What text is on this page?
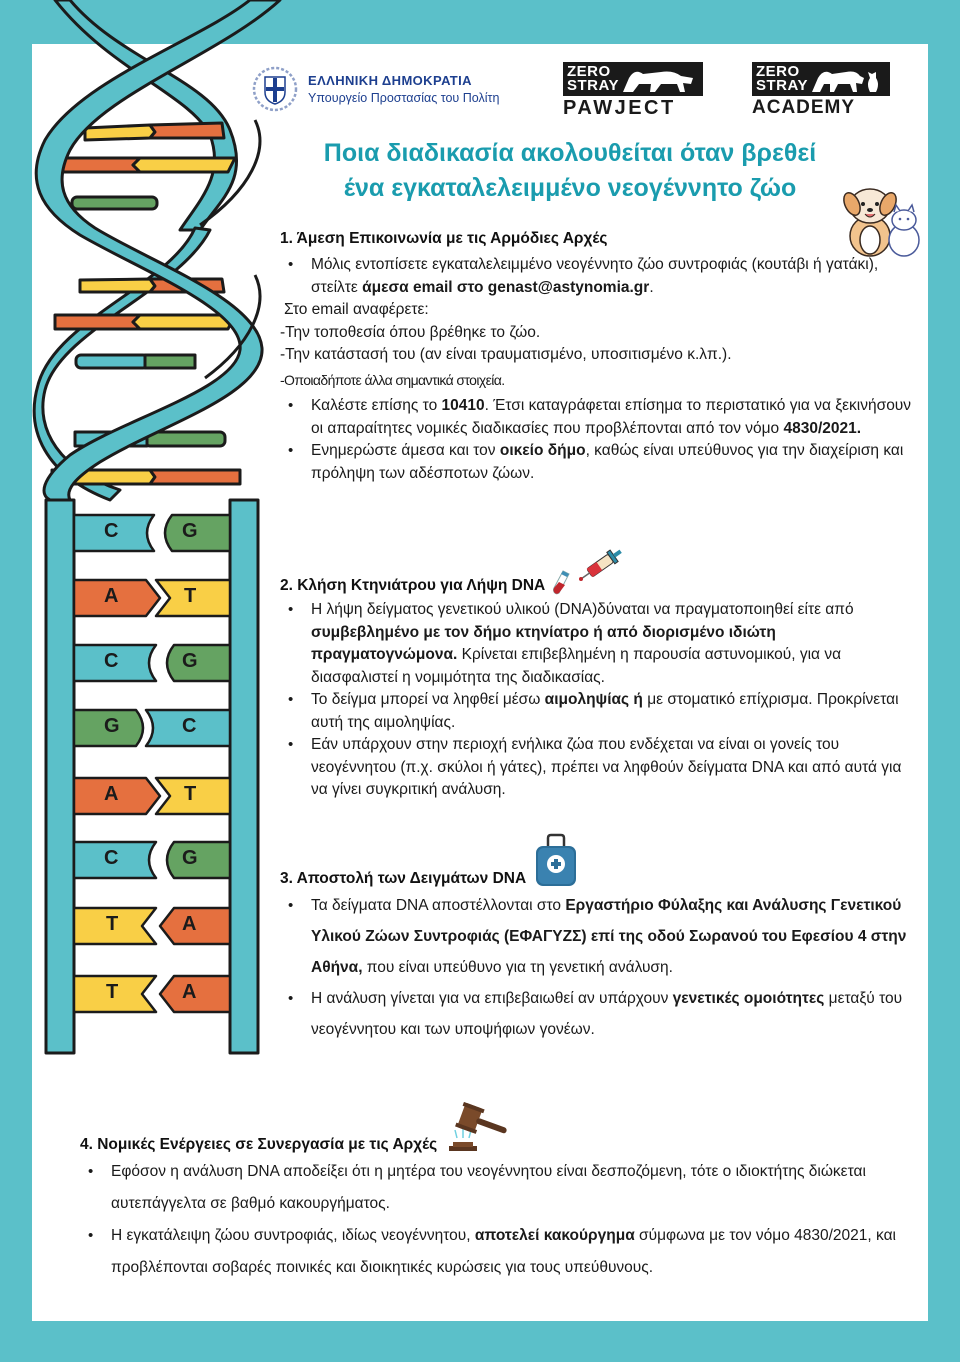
C	G
A	T
C	G
G	C
A	T
C	G
T	A
T	A
ΕΛΛΗΝΙΚΗ ΔΗΜΟΚΡΑΤΙΑ
Υπουργείο Προστασίας του Πολίτη
ZERO
STRAY
PAWJECT
ZERO
STRAY
ACADEMY
Ποια διαδικασία ακολουθείται όταν βρεθεί
ένα εγκαταλελειμμένο νεογέννητο ζώο
1. Άμεση Επικοινωνία με τις Αρμόδιες Αρχές
• Μόλις εντοπίσετε εγκαταλελειμμένο νεογέννητο ζώο συντροφιάς (κουτάβι ή γατάκι), στείλτε άμεσα email στο genast@astynomia.gr.
Στο email αναφέρετε:
-Την τοποθεσία όπου βρέθηκε το ζώο.
-Την κατάστασή του (αν είναι τραυματισμένο, υποσιτισμένο κ.λπ.).
-Οποιαδήποτε άλλα σημαντικά στοιχεία.
• Καλέστε επίσης το 10410. Έτσι καταγράφεται επίσημα το περιστατικό για να ξεκινήσουν οι απαραίτητες νομικές διαδικασίες που προβλέπονται από τον νόμο 4830/2021.
• Ενημερώστε άμεσα και τον οικείο δήμο, καθώς είναι υπεύθυνος για την διαχείριση και πρόληψη των αδέσποτων ζώων.
2. Κλήση Κτηνιάτρου για Λήψη DNA
• Η λήψη δείγματος γενετικού υλικού (DNA)δύναται να πραγματοποιηθεί είτε από συμβεβλημένο με τον δήμο κτηνίατρο ή από διορισμένο ιδιώτη πραγματογνώμονα. Κρίνεται επιβεβλημένη η παρουσία αστυνομικού, για να διασφαλιστεί η νομιμότητα της διαδικασίας.
• Το δείγμα μπορεί να ληφθεί μέσω αιμοληψίας ή με στοματικό επίχρισμα. Προκρίνεται αυτή της αιμοληψίας.
• Εάν υπάρχουν στην περιοχή ενήλικα ζώα που ενδέχεται να είναι οι γονείς του νεογέννητου (π.χ. σκύλοι ή γάτες), πρέπει να ληφθούν δείγματα DNA και από αυτά για να γίνει συγκριτική ανάλυση.
3. Αποστολή των Δειγμάτων DNA
• Τα δείγματα DNA αποστέλλονται στο Εργαστήριο Φύλαξης και Ανάλυσης Γενετικού Υλικού Ζώων Συντροφιάς (ΕΦΑΓΥΖΣ) επί της οδού Σωρανού του Εφεσίου 4 στην Αθήνα, που είναι υπεύθυνο για τη γενετική ανάλυση.
• Η ανάλυση γίνεται για να επιβεβαιωθεί αν υπάρχουν γενετικές ομοιότητες μεταξύ του νεογέννητου και των υποψήφιων γονέων.
4. Νομικές Ενέργειες σε Συνεργασία με τις Αρχές
• Εφόσον η ανάλυση DNA αποδείξει ότι η μητέρα του νεογέννητου είναι δεσποζόμενη, τότε ο ιδιοκτήτης διώκεται αυτεπάγγελτα σε βαθμό κακουργήματος.
• Η εγκατάλειψη ζώου συντροφιάς, ιδίως νεογέννητου, αποτελεί κακούργημα σύμφωνα με τον νόμο 4830/2021, και προβλέπονται σοβαρές ποινικές και διοικητικές κυρώσεις για τους υπεύθυνους.
